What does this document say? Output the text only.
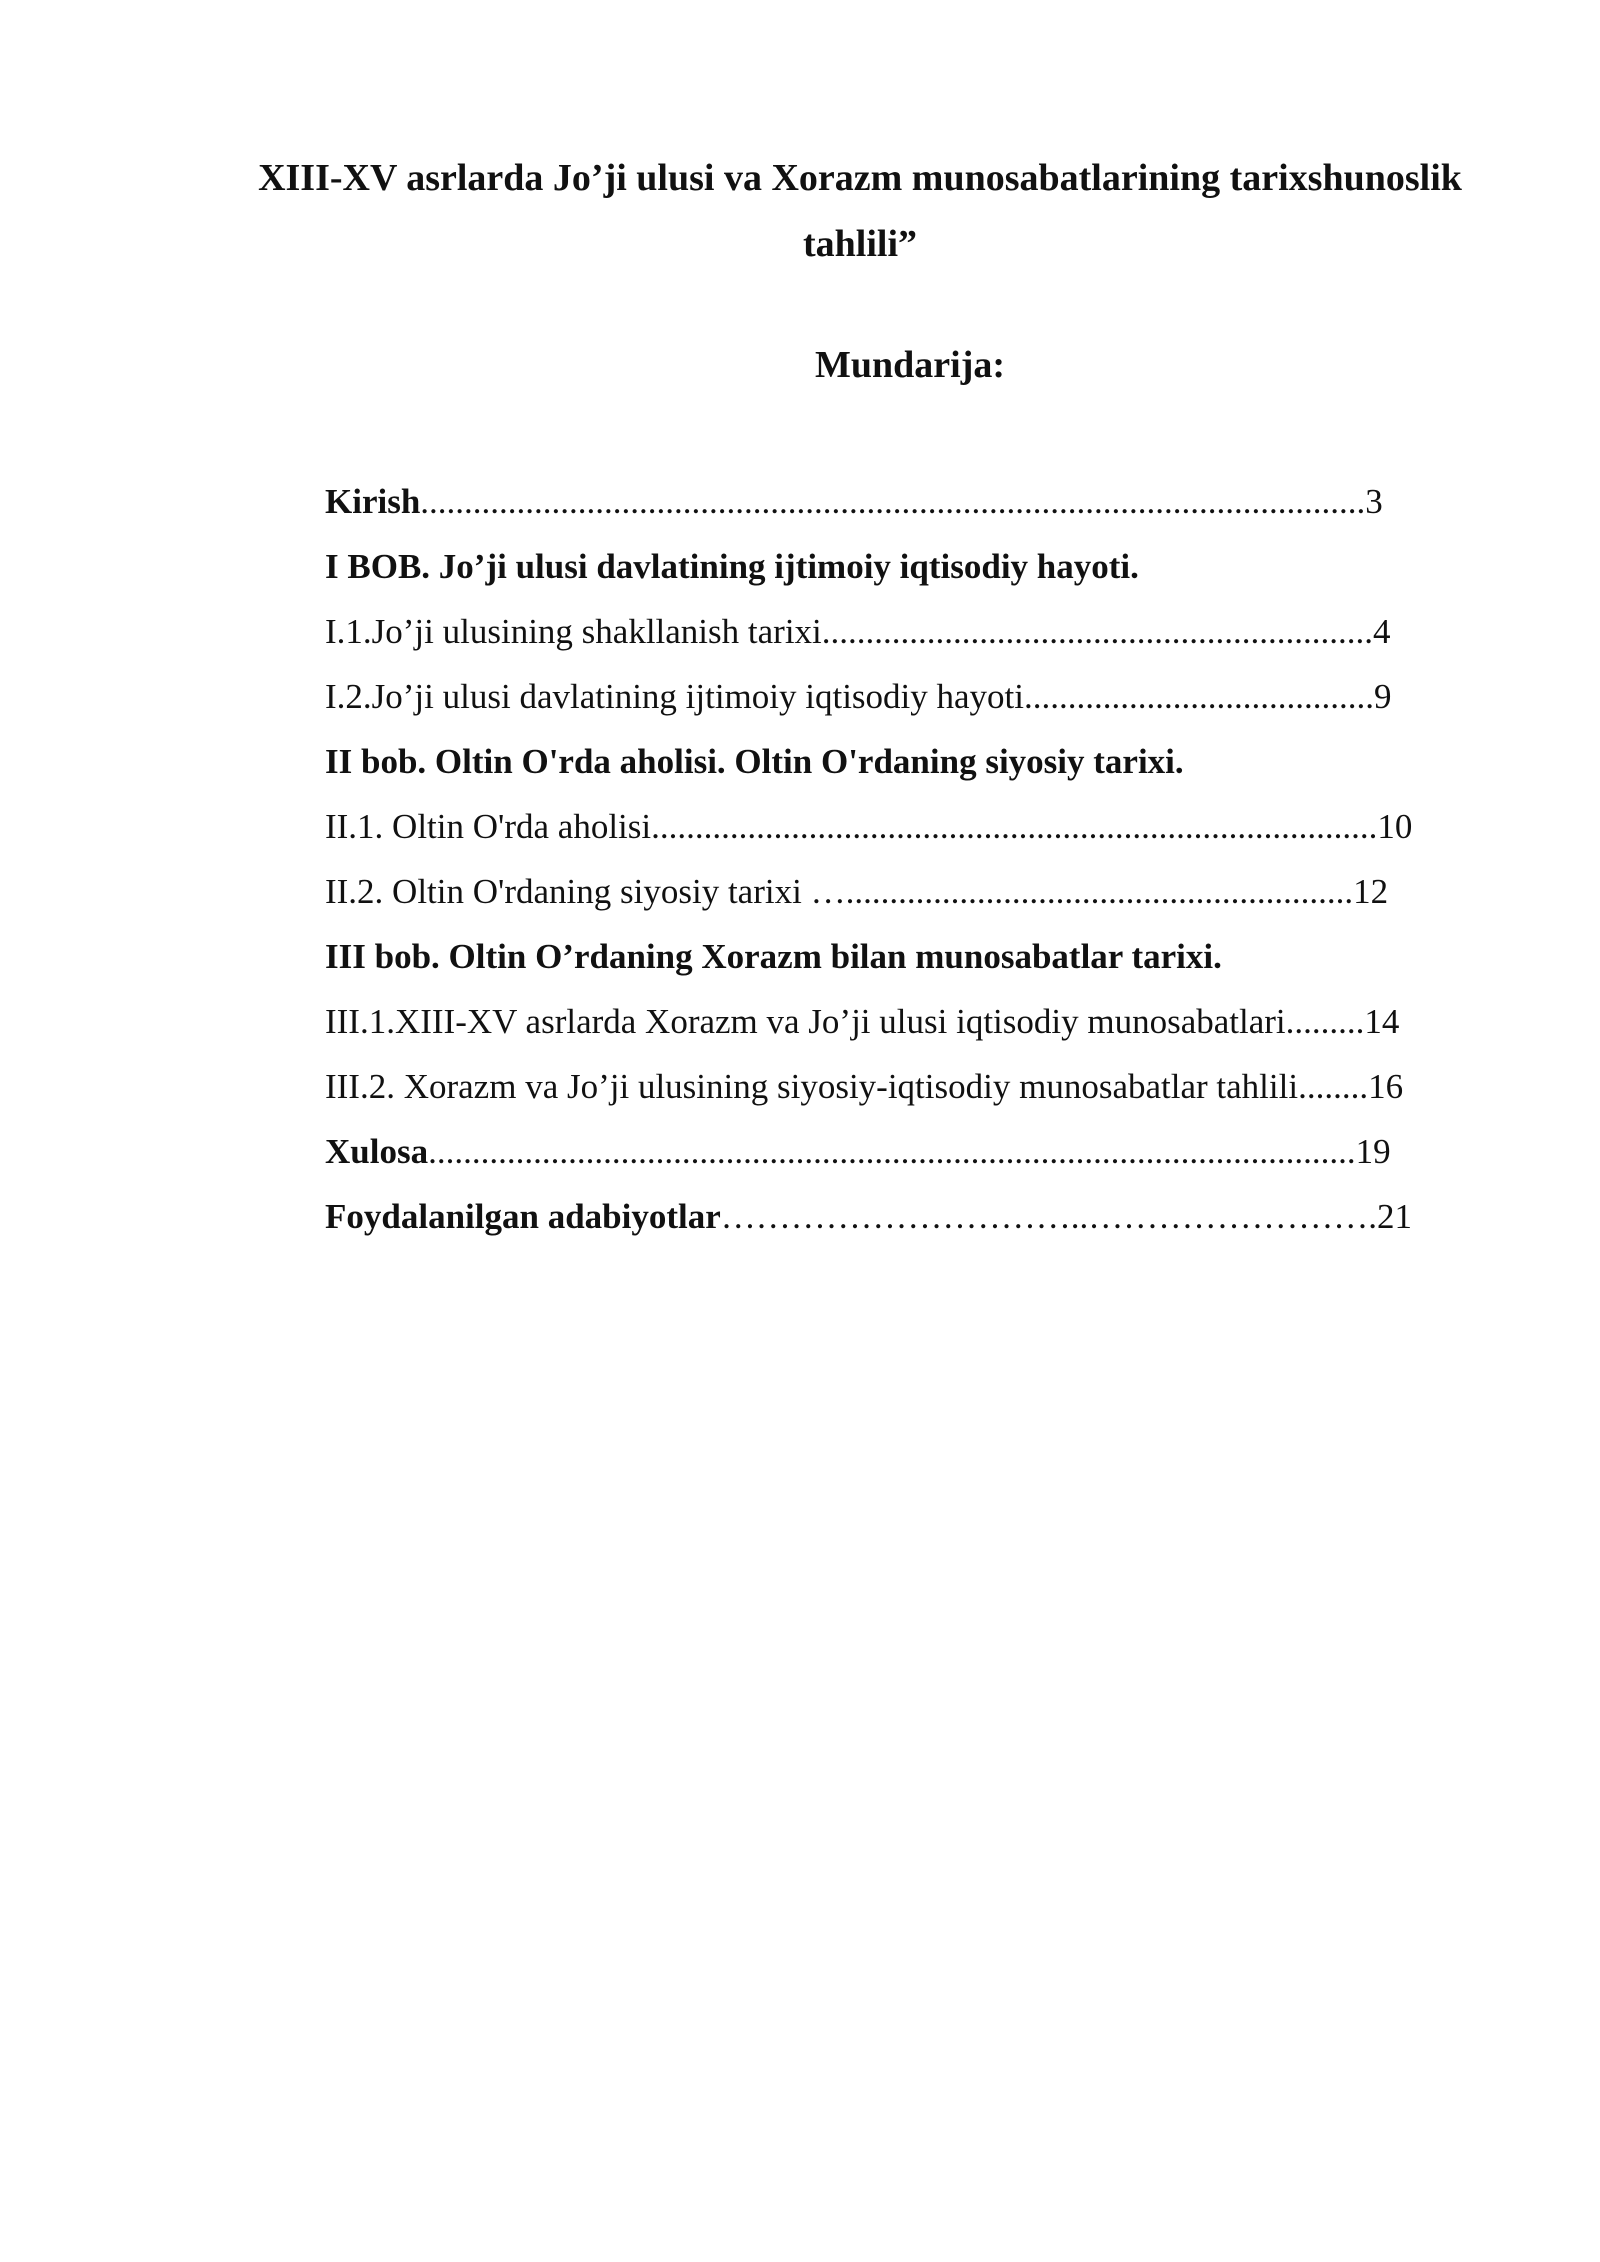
XIII-XV asrlarda Jo’ji ulusi va Xorazm munosabatlarining tarixshunoslik
tahlili”
Mundarija:
Kirish............................................................................................................3
I BOB. Jo’ji ulusi davlatining ijtimoiy iqtisodiy hayoti.
I.1.Jo’ji ulusining shakllanish tarixi...............................................................4
I.2.Jo’ji ulusi davlatining ijtimoiy iqtisodiy hayoti........................................9
II bob. Oltin O'rda aholisi. Oltin O'rdaning siyosiy tarixi.
II.1. Oltin O'rda aholisi...................................................................................10
II.2. Oltin O'rdaning siyosiy tarixi …..........................................................12
III bob. Oltin O’rdaning Xorazm bilan munosabatlar tarixi.
III.1.XIII-XV asrlarda Xorazm va Jo’ji ulusi iqtisodiy munosabatlari.........14
III.2. Xorazm va Jo’ji ulusining siyosiy-iqtisodiy munosabatlar tahlili........16
Xulosa..........................................................................................................19
Foydalanilgan adabiyotlar…………………………..…………………….21
